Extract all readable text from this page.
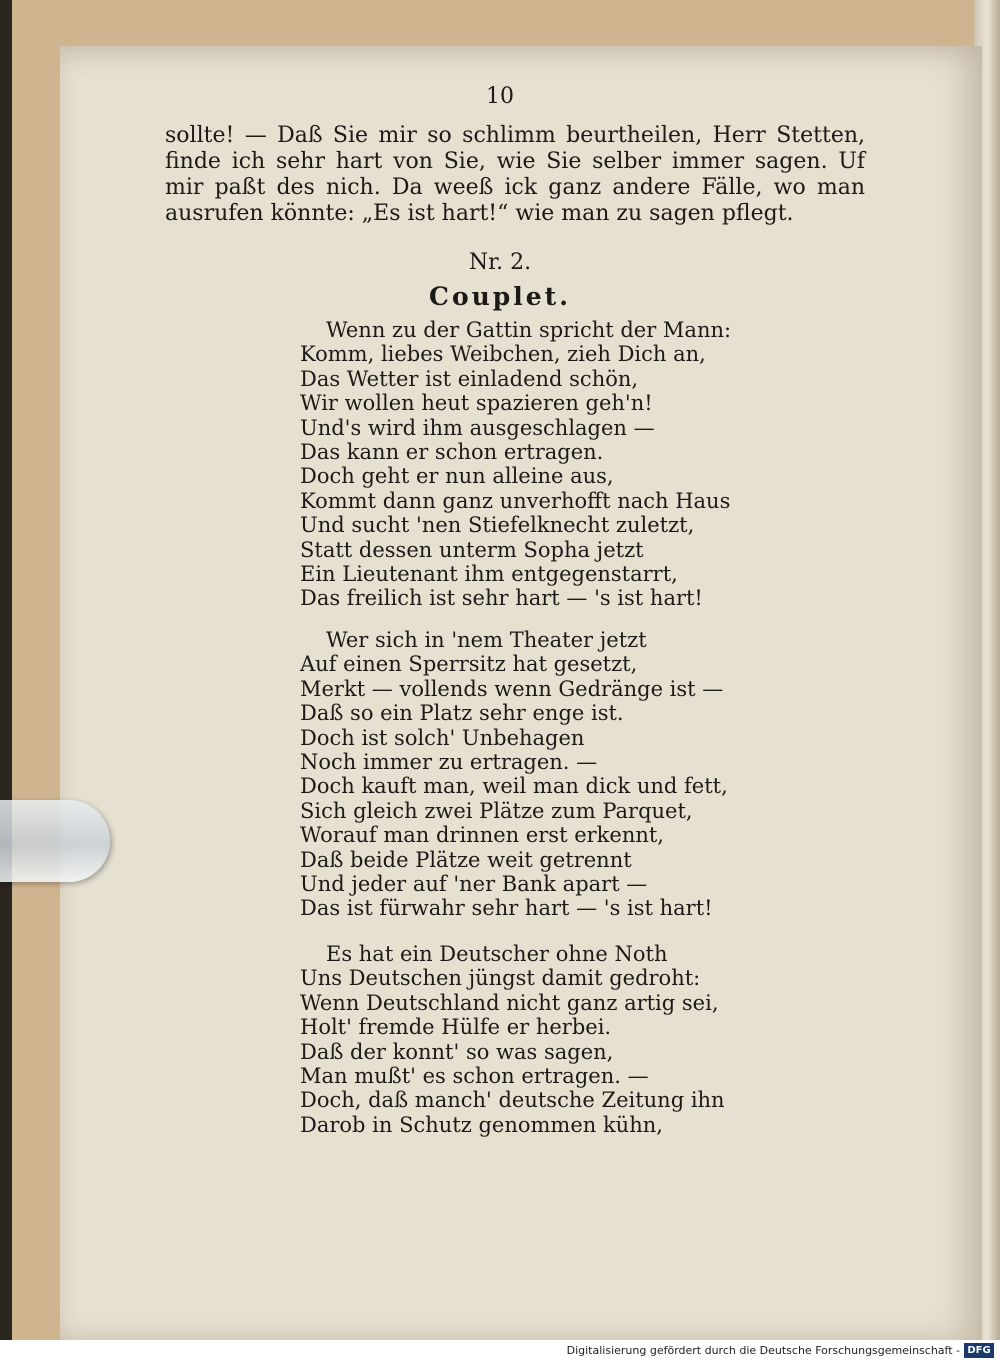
10
sollte! — Daß Sie mir so schlimm beurtheilen, Herr Stetten,
finde ich sehr hart von Sie, wie Sie selber immer sagen. Uf
mir paßt des nich. Da weeß ick ganz andere Fälle, wo man
ausrufen könnte: „Es ist hart!“ wie man zu sagen pflegt.
Nr. 2.
Couplet.
Wenn zu der Gattin spricht der Mann:
Komm, liebes Weibchen, zieh Dich an,
Das Wetter ist einladend schön,
Wir wollen heut spazieren geh'n!
Und's wird ihm ausgeschlagen —
Das kann er schon ertragen.
Doch geht er nun alleine aus,
Kommt dann ganz unverhofft nach Haus
Und sucht 'nen Stiefelknecht zuletzt,
Statt dessen unterm Sopha jetzt
Ein Lieutenant ihm entgegenstarrt,
Das freilich ist sehr hart — 's ist hart!
Wer sich in 'nem Theater jetzt
Auf einen Sperrsitz hat gesetzt,
Merkt — vollends wenn Gedränge ist —
Daß so ein Platz sehr enge ist.
Doch ist solch' Unbehagen
Noch immer zu ertragen. —
Doch kauft man, weil man dick und fett,
Sich gleich zwei Plätze zum Parquet,
Worauf man drinnen erst erkennt,
Daß beide Plätze weit getrennt
Und jeder auf 'ner Bank apart —
Das ist fürwahr sehr hart — 's ist hart!
Es hat ein Deutscher ohne Noth
Uns Deutschen jüngst damit gedroht:
Wenn Deutschland nicht ganz artig sei,
Holt' fremde Hülfe er herbei.
Daß der konnt' so was sagen,
Man mußt' es schon ertragen. —
Doch, daß manch' deutsche Zeitung ihn
Darob in Schutz genommen kühn,
Digitalisierung gefördert durch die Deutsche Forschungsgemeinschaft - DFG
